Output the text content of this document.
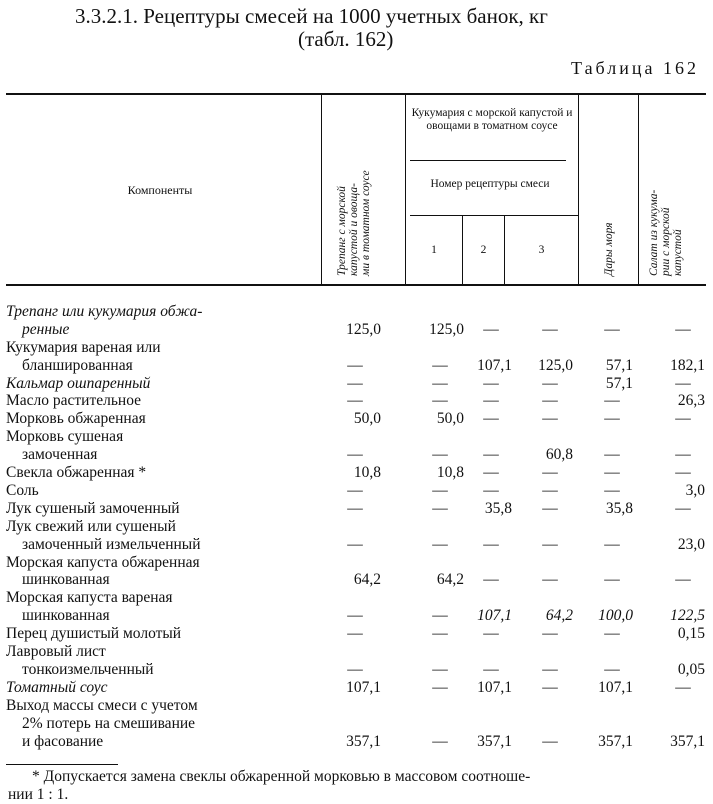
3.3.2.1. Рецептуры смесей на 1000 учетных банок, кг
(табл. 162)
Таблица 162
Компоненты	Трепанг с морской капустой и овоща- ми в томатном соусе
Кукумария с морской капустой и овощами в томатном соусе
Номер рецептуры смеси
1	2	3	Дары моря	Салат из кукума- рии с морской капустой
Трепанг или кукумария обжа-
ренные	125,0	125,0	—	—	—	—
Кукумария вареная или
бланшированная	—	—	107,1	125,0	57,1	182,1
Кальмар ошпаренный	—	—	—	—	57,1	—
Масло растительное	—	—	—	—	—	26,3
Морковь обжаренная	50,0	50,0	—	—	—	—
Морковь сушеная
замоченная	—	—	—	60,8	—	—
Свекла обжаренная *	10,8	10,8	—	—	—	—
Соль	—	—	—	—	—	3,0
Лук сушеный замоченный	—	—	35,8	—	35,8	—
Лук свежий или сушеный
замоченный измельченный	—	—	—	—	—	23,0
Морская капуста обжаренная
шинкованная	64,2	64,2	—	—	—	—
Морская капуста вареная
шинкованная	—	—	107,1	64,2	100,0	122,5
Перец душистый молотый	—	—	—	—	—	0,15
Лавровый лист
тонкоизмельченный	—	—	—	—	—	0,05
Томатный соус	107,1	—	107,1	—	107,1	—
Выход массы смеси с учетом
2% потерь на смешивание
и фасование	357,1	—	357,1	—	357,1	357,1
* Допускается замена свеклы обжаренной морковью в массовом соотноше-
нии 1 : 1.
